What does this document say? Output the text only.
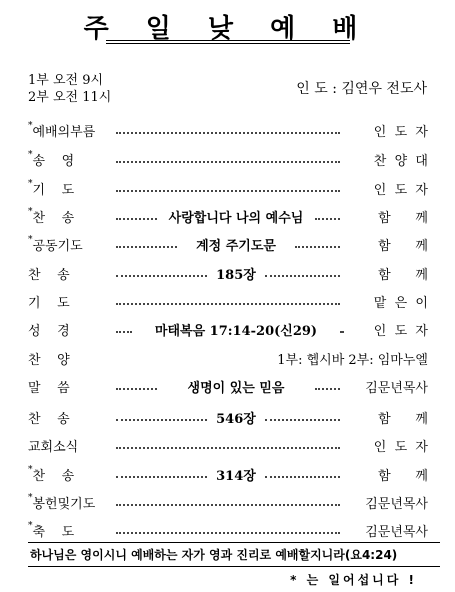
주 일 낮 예 배
1부 오전 9시
2부 오전 11시
인 도 : 김연우 전도사
*예배의부름	인  도  자
*송    영	찬  양  대
*기    도	인  도  자
*찬    송	사랑합니다 나의 예수님	함      께
*공동기도	계정 주기도문	함      께
찬    송	185장	함      께
기    도	맡  은  이
성    경	마태복음 17:14-20(신29)	인  도  자
찬    양	1부: 헵시바 2부: 임마누엘
말    씀	생명이 있는 믿음	김문년목사
찬    송	546장	함      께
교회소식	인  도  자
*찬    송	314장	함      께
*봉헌및기도	김문년목사
*축    도	김문년목사
하나님은 영이시니 예배하는 자가 영과 진리로 예배할지니라(요4:24)
* 는 일어섭니다 !
